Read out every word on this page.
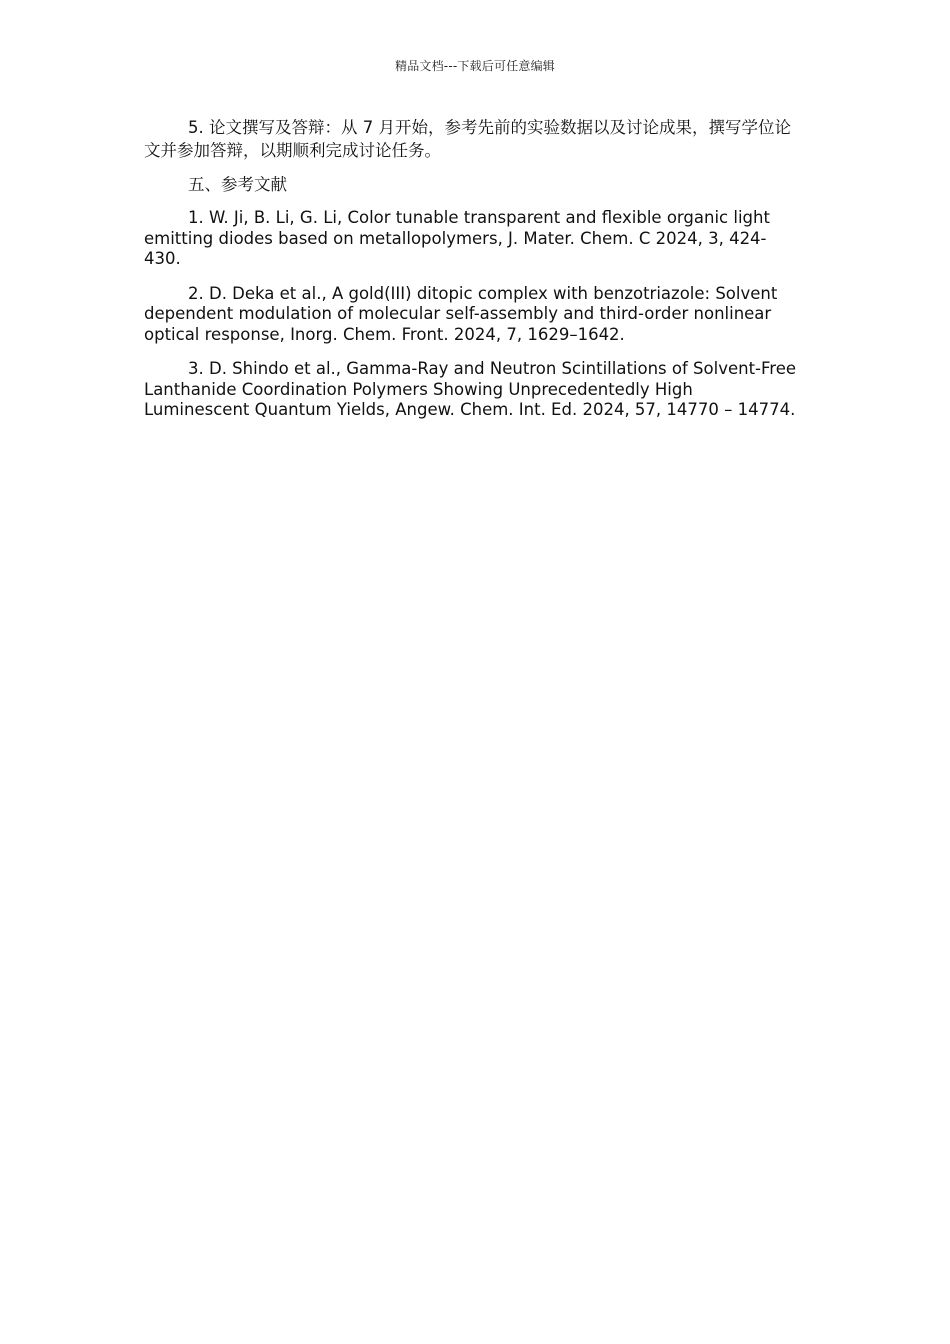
精品文档---下载后可任意编辑

5. 论文撰写及答辩：从 7 月开始，参考先前的实验数据以及讨论成果，撰写学位论文并参加答辩，以期顺利完成讨论任务。

五、参考文献

1. W. Ji, B. Li, G. Li, Color tunable transparent and flexible organic light emitting diodes based on metallopolymers, J. Mater. Chem. C 2024, 3, 424-430.

2. D. Deka et al., A gold(III) ditopic complex with benzotriazole: Solvent dependent modulation of molecular self-assembly and third-order nonlinear optical response, Inorg. Chem. Front. 2024, 7, 1629–1642.

3. D. Shindo et al., Gamma-Ray and Neutron Scintillations of Solvent-Free Lanthanide Coordination Polymers Showing Unprecedentedly High Luminescent Quantum Yields, Angew. Chem. Int. Ed. 2024, 57, 14770 – 14774.
